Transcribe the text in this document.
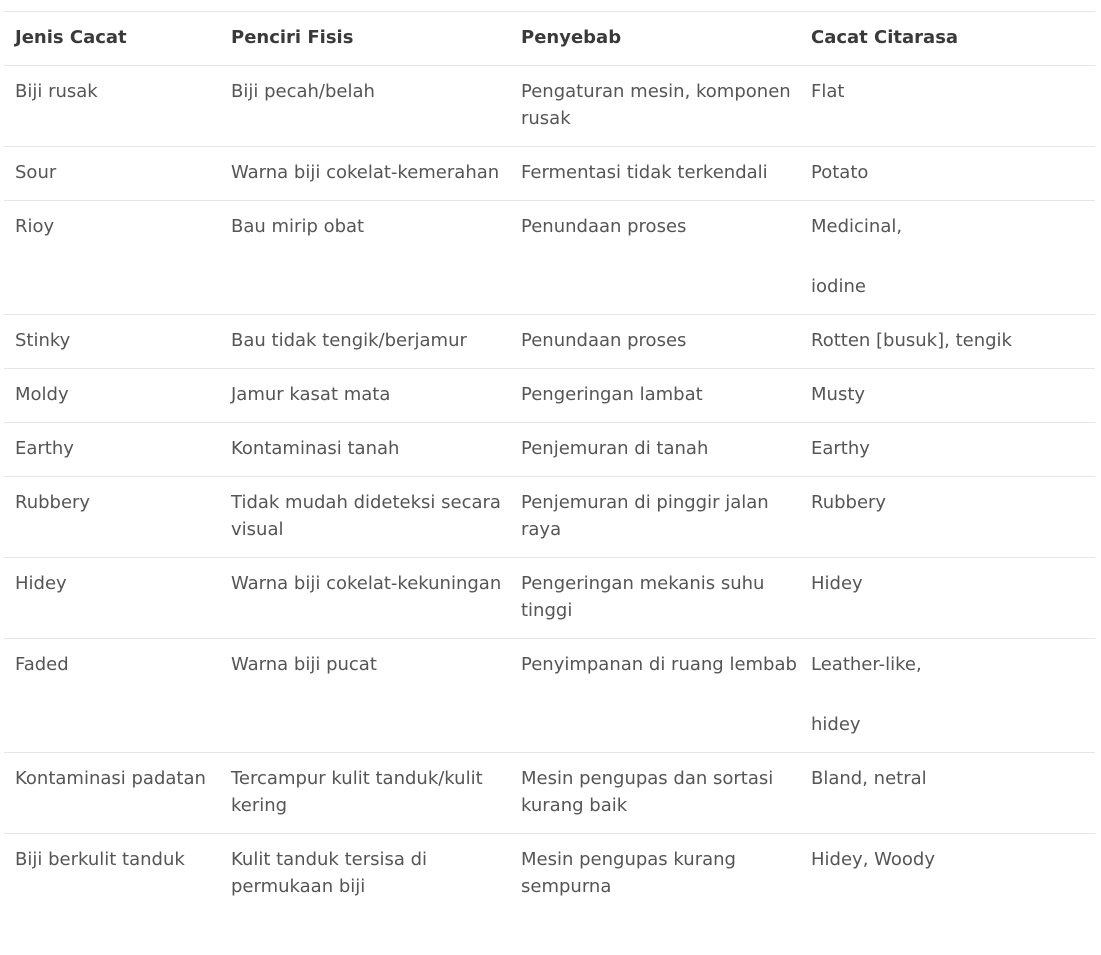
Jenis Cacat	Penciri Fisis	Penyebab	Cacat Citarasa
Biji rusak	Biji pecah/belah	Pengaturan mesin, komponen rusak	Flat

Sour	Warna biji cokelat-kemerahan	Fermentasi tidak terkendali	Potato

Rioy	Bau mirip obat	Penundaan proses	Medicinal,
iodine

Stinky	Bau tidak tengik/berjamur	Penundaan proses	Rotten [busuk], tengik

Moldy	Jamur kasat mata	Pengeringan lambat	Musty

Earthy	Kontaminasi tanah	Penjemuran di tanah	Earthy

Rubbery	Tidak mudah dideteksi secara visual	Penjemuran di pinggir jalan raya	Rubbery

Hidey	Warna biji cokelat-kekuningan	Pengeringan mekanis suhu tinggi	Hidey

Faded	Warna biji pucat	Penyimpanan di ruang lembab	Leather-like,
hidey

Kontaminasi padatan	Tercampur kulit tanduk/kulit kering	Mesin pengupas dan sortasi kurang baik	Bland, netral

Biji berkulit tanduk	Kulit tanduk tersisa di permukaan biji	Mesin pengupas kurang sempurna	Hidey, Woody
